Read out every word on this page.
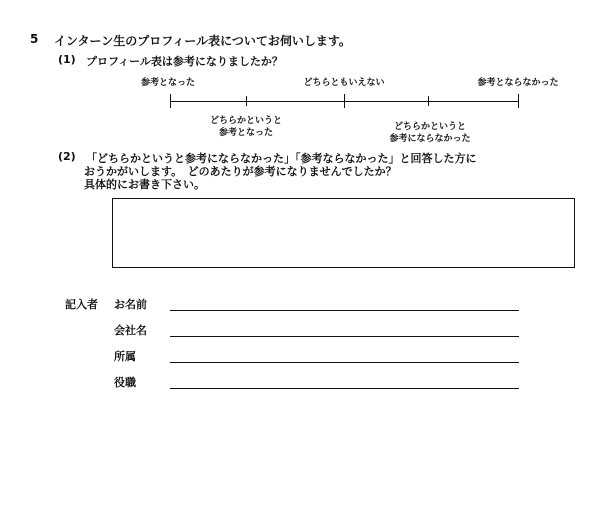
5 インターン生のプロフィール表についてお伺いします。
(1) プロフィール表は参考になりましたか？
参考となった	どちらともいえない	参考とならなかった
どちらかというと
参考となった
どちらかというと
参考にならなかった
(2) 「どちらかというと参考にならなかった」「参考ならなかった」と回答した方に
おうかがいします。　どのあたりが参考になりませんでしたか？
具体的にお書き下さい。
記入者 お名前
会社名
所属
役職
